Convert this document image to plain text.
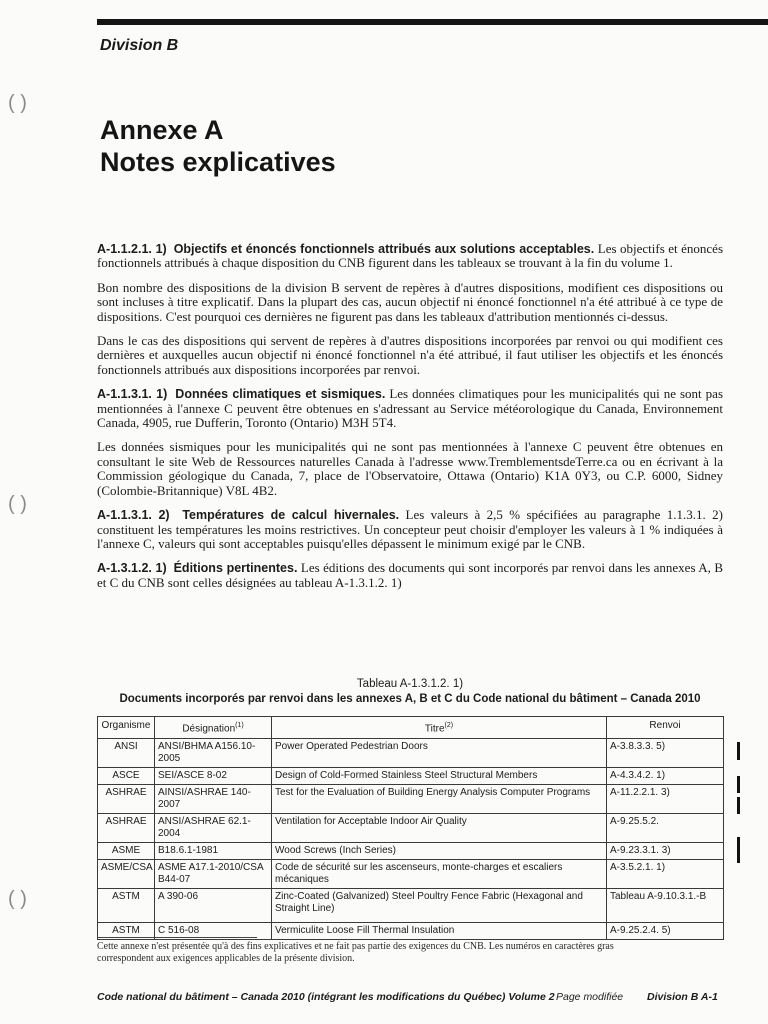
Division B
( )
( )
( )
Annexe A
Notes explicatives

A-1.1.2.1. 1) Objectifs et énoncés fonctionnels attribués aux solutions acceptables. Les objectifs et énoncés fonctionnels attribués à chaque disposition du CNB figurent dans les tableaux se trouvant à la fin du volume 1.

Bon nombre des dispositions de la division B servent de repères à d'autres dispositions, modifient ces dispositions ou sont incluses à titre explicatif. Dans la plupart des cas, aucun objectif ni énoncé fonctionnel n'a été attribué à ce type de dispositions. C'est pourquoi ces dernières ne figurent pas dans les tableaux d'attribution mentionnés ci-dessus.

Dans le cas des dispositions qui servent de repères à d'autres dispositions incorporées par renvoi ou qui modifient ces dernières et auxquelles aucun objectif ni énoncé fonctionnel n'a été attribué, il faut utiliser les objectifs et les énoncés fonctionnels attribués aux dispositions incorporées par renvoi.

A-1.1.3.1. 1) Données climatiques et sismiques. Les données climatiques pour les municipalités qui ne sont pas mentionnées à l'annexe C peuvent être obtenues en s'adressant au Service météorologique du Canada, Environnement Canada, 4905, rue Dufferin, Toronto (Ontario) M3H 5T4.

Les données sismiques pour les municipalités qui ne sont pas mentionnées à l'annexe C peuvent être obtenues en consultant le site Web de Ressources naturelles Canada à l'adresse www.TremblementsdeTerre.ca ou en écrivant à la Commission géologique du Canada, 7, place de l'Observatoire, Ottawa (Ontario) K1A 0Y3, ou C.P. 6000, Sidney (Colombie-Britannique) V8L 4B2.

A-1.1.3.1. 2) Températures de calcul hivernales. Les valeurs à 2,5 % spécifiées au paragraphe 1.1.3.1. 2) constituent les températures les moins restrictives. Un concepteur peut choisir d'employer les valeurs à 1 % indiquées à l'annexe C, valeurs qui sont acceptables puisqu'elles dépassent le minimum exigé par le CNB.

A-1.3.1.2. 1) Éditions pertinentes. Les éditions des documents qui sont incorporés par renvoi dans les annexes A, B et C du CNB sont celles désignées au tableau A-1.3.1.2. 1)

Tableau A-1.3.1.2. 1)
Documents incorporés par renvoi dans les annexes A, B et C du Code national du bâtiment – Canada 2010
Organisme	Désignation$^{(1)}$	Titre$^{(2)}$	Renvoi
ANSI	ANSI/BHMA A156.10-2005	Power Operated Pedestrian Doors	A-3.8.3.3. 5)
ASCE	SEI/ASCE 8-02	Design of Cold-Formed Stainless Steel Structural Members	A-4.3.4.2. 1)
ASHRAE	AINSI/ASHRAE 140-2007	Test for the Evaluation of Building Energy Analysis Computer Programs	A-11.2.2.1. 3)
ASHRAE	ANSI/ASHRAE 62.1-2004	Ventilation for Acceptable Indoor Air Quality	A-9.25.5.2.
ASME	B18.6.1-1981	Wood Screws (Inch Series)	A-9.23.3.1. 3)
ASME/CSA	ASME A17.1-2010/CSA B44-07	Code de sécurité sur les ascenseurs, monte-charges et escaliers mécaniques	A-3.5.2.1. 1)
ASTM	A 390-06	Zinc-Coated (Galvanized) Steel Poultry Fence Fabric (Hexagonal and Straight Line)	Tableau A-9.10.3.1.-B
ASTM	C 516-08	Vermiculite Loose Fill Thermal Insulation	A-9.25.2.4. 5)
Cette annexe n'est présentée qu'à des fins explicatives et ne fait pas partie des exigences du CNB. Les numéros en caractères gras correspondent aux exigences applicables de la présente division.
Code national du bâtiment – Canada 2010 (intégrant les modifications du Québec) Volume 2 Page modifiée Division B A-1
